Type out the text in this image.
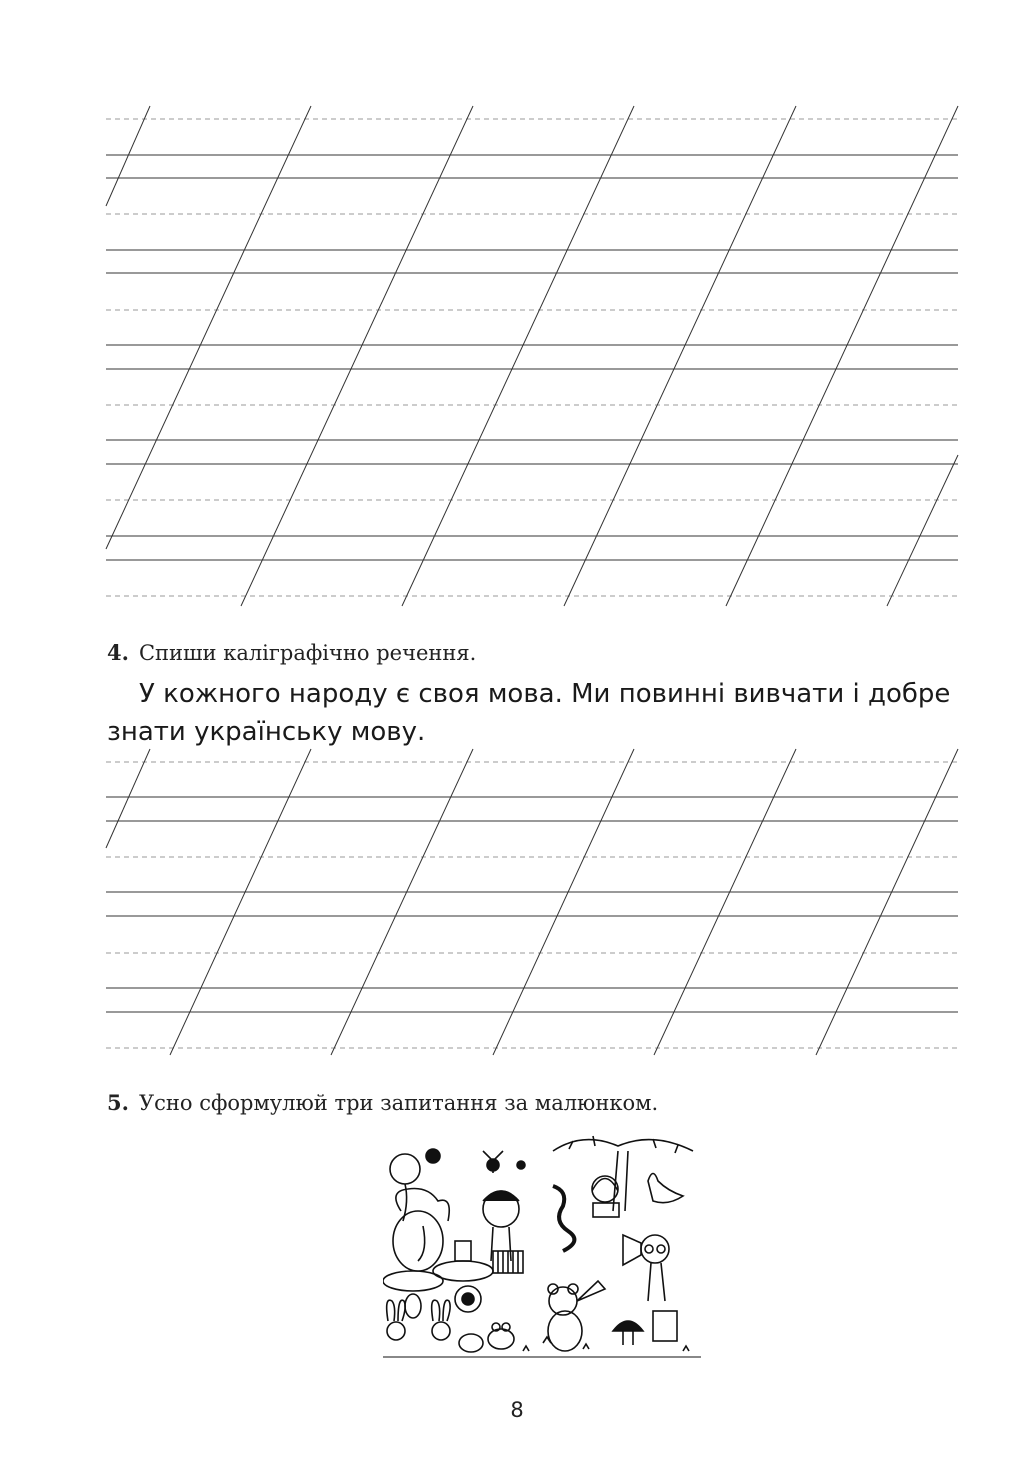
4. Спиши каліграфічно речення.
У кожного народу є своя мова. Ми повинні вивчати і добре знати українську мову.
5. Усно сформулюй три запитання за малюнком.
8
